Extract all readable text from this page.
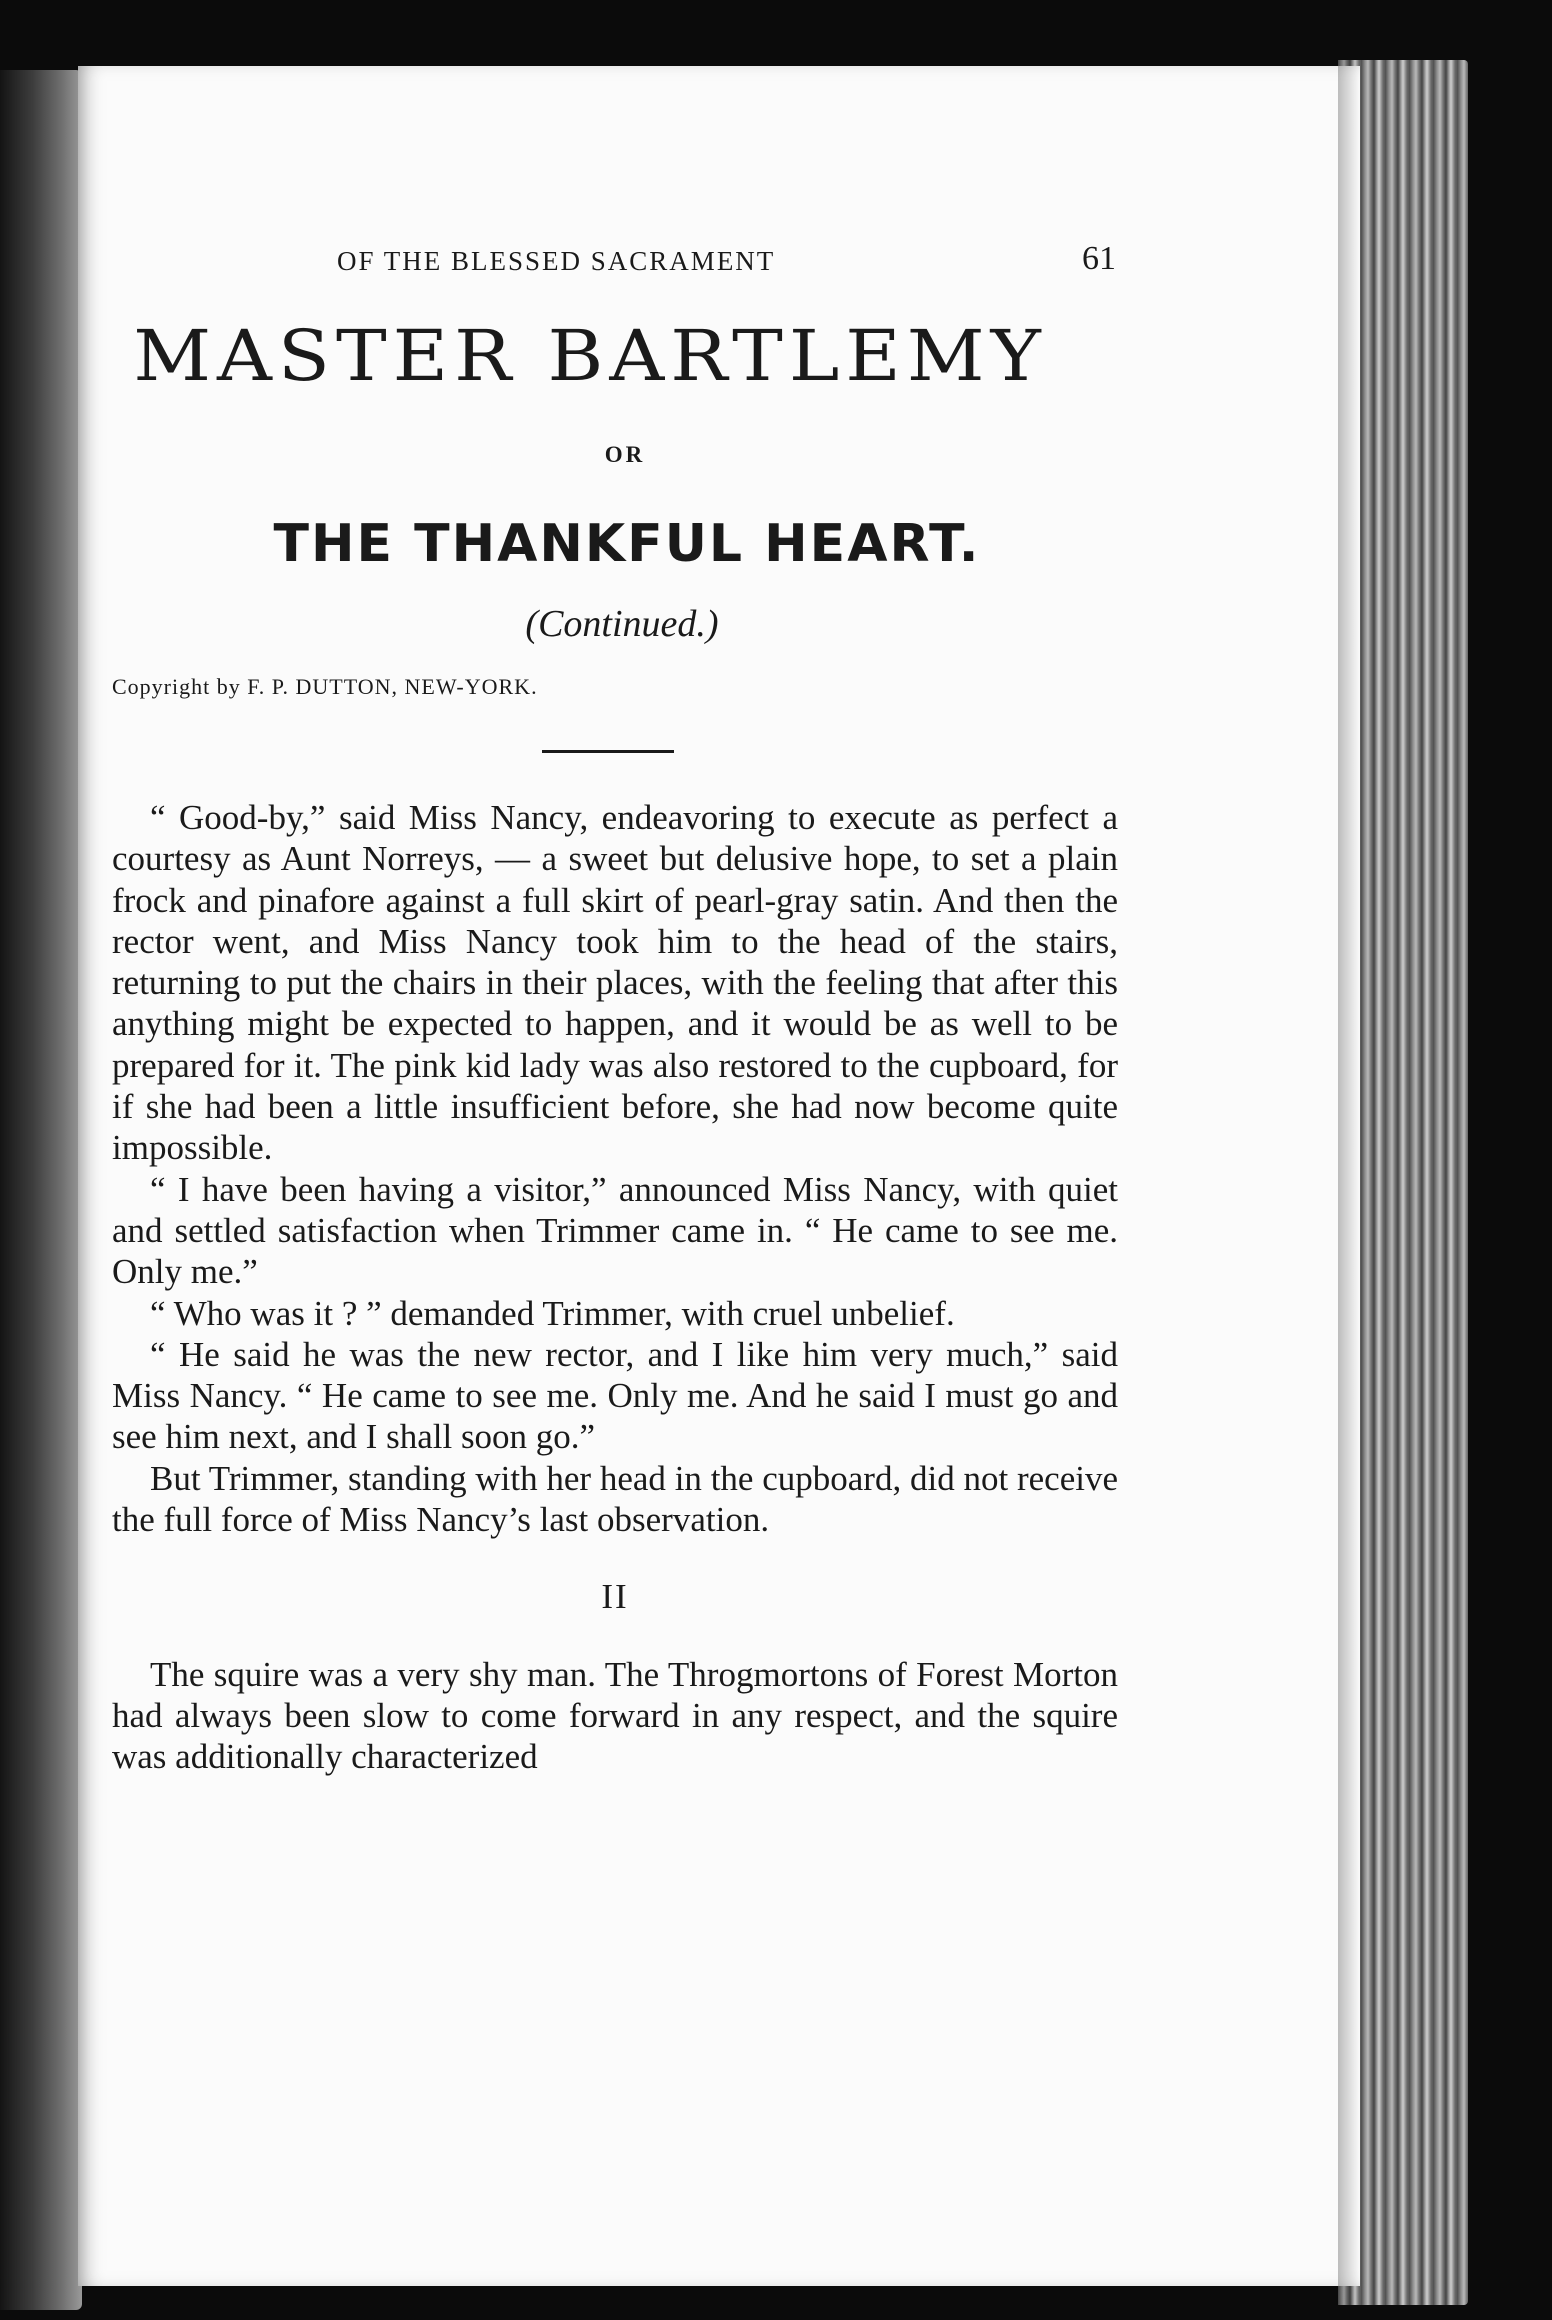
OF THE BLESSED SACRAMENT	61
MASTER BARTLEMY
OR
THE THANKFUL HEART.
(Continued.)
Copyright by F. P. DUTTON, NEW-YORK.

“ Good-by,” said Miss Nancy, endeavoring to execute as perfect a courtesy as Aunt Norreys, — a sweet but delusive hope, to set a plain frock and pinafore against a full skirt of pearl-gray satin. And then the rector went, and Miss Nancy took him to the head of the stairs, returning to put the chairs in their places, with the feeling that after this anything might be expected to happen, and it would be as well to be prepared for it. The pink kid lady was also restored to the cupboard, for if she had been a little insufficient before, she had now become quite impossible.

“ I have been having a visitor,” announced Miss Nancy, with quiet and settled satisfaction when Trimmer came in. “ He came to see me. Only me.”

“ Who was it ? ” demanded Trimmer, with cruel unbelief.

“ He said he was the new rector, and I like him very much,” said Miss Nancy. “ He came to see me. Only me. And he said I must go and see him next, and I shall soon go.”

But Trimmer, standing with her head in the cupboard, did not receive the full force of Miss Nancy’s last observation.

II

The squire was a very shy man. The Throgmortons of Forest Morton had always been slow to come forward in any respect, and the squire was additionally characterized
